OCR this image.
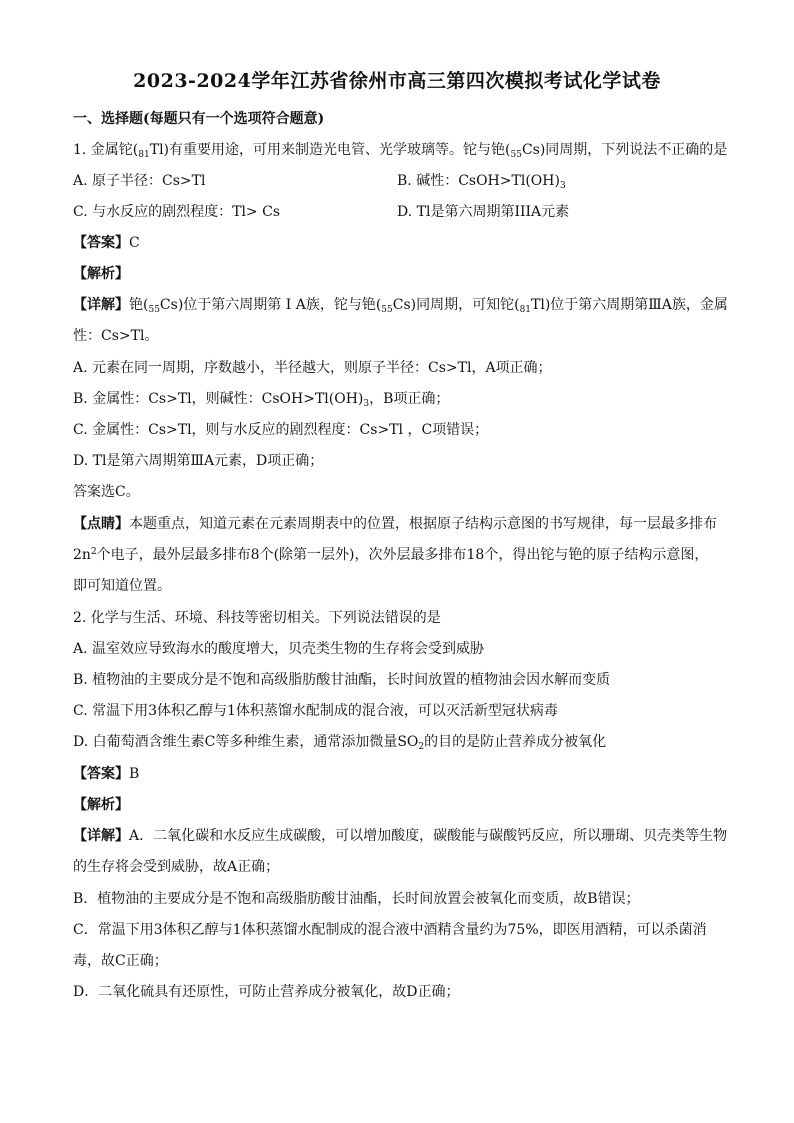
2023-2024学年江苏省徐州市高三第四次模拟考试化学试卷
一、选择题(每题只有一个选项符合题意)
1. 金属铊$(_{81}Tl)$有重要用途，可用来制造光电管、光学玻璃等。铊与铯$(_{55}Cs)$同周期，下列说法不正确的是
A. 原子半径：Cs>Tl	B. 碱性：$CsOH>Tl(OH)_3$
C. 与水反应的剧烈程度：Tl> Cs	D. Tl是第六周期第IIIA元素
【答案】C
【解析】
【详解】铯$(_{55}Cs)$位于第六周期第 I A族，铊与铯$(_{55}Cs)$同周期，可知铊$(_{81}Tl)$位于第六周期第ⅢA族，金属
性：Cs>Tl。
A. 元素在同一周期，序数越小，半径越大，则原子半径：Cs>Tl，A项正确；
B. 金属性：Cs>Tl，则碱性：$CsOH>Tl(OH)_3$，B项正确；
C. 金属性：Cs>Tl，则与水反应的剧烈程度：Cs>Tl ，C项错误；
D. Tl是第六周期第ⅢA元素，D项正确；
答案选C。
【点睛】本题重点，知道元素在元素周期表中的位置，根据原子结构示意图的书写规律，每一层最多排布
$2n^2$个电子，最外层最多排布8个(除第一层外)，次外层最多排布18个，得出铊与铯的原子结构示意图，
即可知道位置。
2. 化学与生活、环境、科技等密切相关。下列说法错误的是
A. 温室效应导致海水的酸度增大，贝壳类生物的生存将会受到威胁
B. 植物油的主要成分是不饱和高级脂肪酸甘油酯，长时间放置的植物油会因水解而变质
C. 常温下用3体积乙醇与1体积蒸馏水配制成的混合液，可以灭活新型冠状病毒
D. 白葡萄酒含维生素C等多种维生素，通常添加微量$SO_2$的目的是防止营养成分被氧化
【答案】B
【解析】
【详解】A．二氧化碳和水反应生成碳酸，可以增加酸度，碳酸能与碳酸钙反应，所以珊瑚、贝壳类等生物
的生存将会受到威胁，故A正确；
B．植物油的主要成分是不饱和高级脂肪酸甘油酯，长时间放置会被氧化而变质，故B错误；
C．常温下用3体积乙醇与1体积蒸馏水配制成的混合液中酒精含量约为75%，即医用酒精，可以杀菌消
毒，故C正确；
D．二氧化硫具有还原性，可防止营养成分被氧化，故D正确；
